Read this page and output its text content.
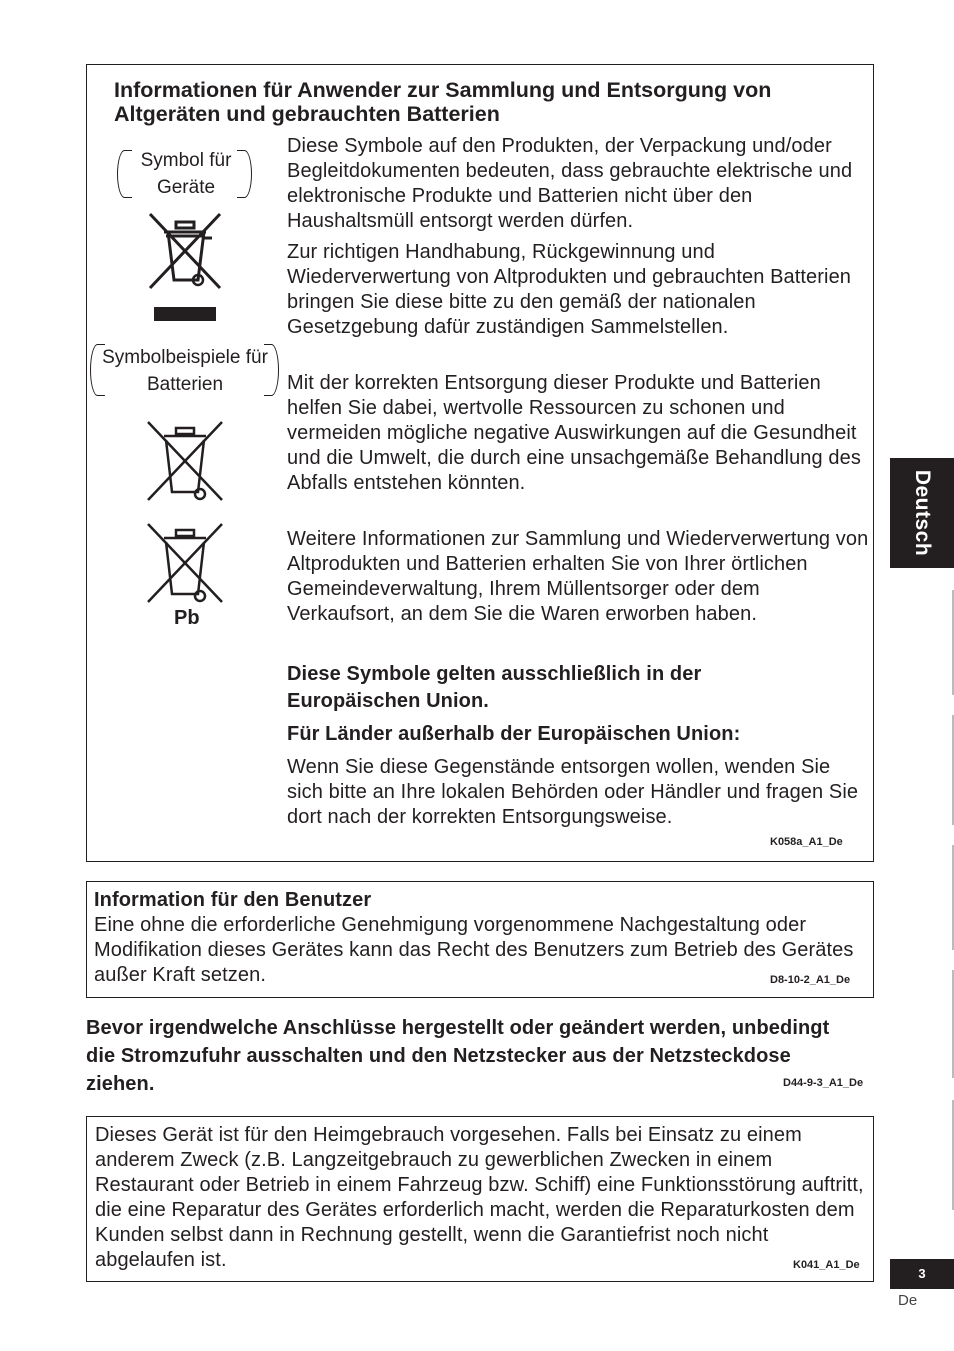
Informationen für Anwender zur Sammlung und Entsorgung von Altgeräten und gebrauchten Batterien
Symbol für Geräte
Symbolbeispiele für Batterien
Pb
Diese Symbole auf den Produkten, der Verpackung und/oder Begleitdokumenten bedeuten, dass gebrauchte elektrische und elektronische Produkte und Batterien nicht über den Haushaltsmüll entsorgt werden dürfen.
Zur richtigen Handhabung, Rückgewinnung und Wiederverwertung von Altprodukten und gebrauchten Batterien bringen Sie diese bitte zu den gemäß der nationalen Gesetzgebung dafür zuständigen Sammelstellen.
Mit der korrekten Entsorgung dieser Produkte und Batterien helfen Sie dabei, wertvolle Ressourcen zu schonen und vermeiden mögliche negative Auswirkungen auf die Gesundheit und die Umwelt, die durch eine unsachgemäße Behandlung des Abfalls entstehen könnten.
Weitere Informationen zur Sammlung und Wiederverwertung von Altprodukten und Batterien erhalten Sie von Ihrer örtlichen Gemeindeverwaltung, Ihrem Müllentsorger oder dem Verkaufsort, an dem Sie die Waren erworben haben.
Diese Symbole gelten ausschließlich in der Europäischen Union.
Für Länder außerhalb der Europäischen Union:
Wenn Sie diese Gegenstände entsorgen wollen, wenden Sie sich bitte an Ihre lokalen Behörden oder Händler und fragen Sie dort nach der korrekten Entsorgungsweise.
K058a_A1_De
Information für den Benutzer
Eine ohne die erforderliche Genehmigung vorgenommene Nachgestaltung oder Modifikation dieses Gerätes kann das Recht des Benutzers zum Betrieb des Gerätes außer Kraft setzen.	D8-10-2_A1_De
Bevor irgendwelche Anschlüsse hergestellt oder geändert werden, unbedingt die Stromzufuhr ausschalten und den Netzstecker aus der Netzsteckdose ziehen.	D44-9-3_A1_De
Dieses Gerät ist für den Heimgebrauch vorgesehen. Falls bei Einsatz zu einem anderem Zweck (z.B. Langzeitgebrauch zu gewerblichen Zwecken in einem Restaurant oder Betrieb in einem Fahrzeug bzw. Schiff) eine Funktionsstörung auftritt, die eine Reparatur des Gerätes erforderlich macht, werden die Reparaturkosten dem Kunden selbst dann in Rechnung gestellt, wenn die Garantiefrist noch nicht abgelaufen ist.	K041_A1_De
Deutsch
3
De
